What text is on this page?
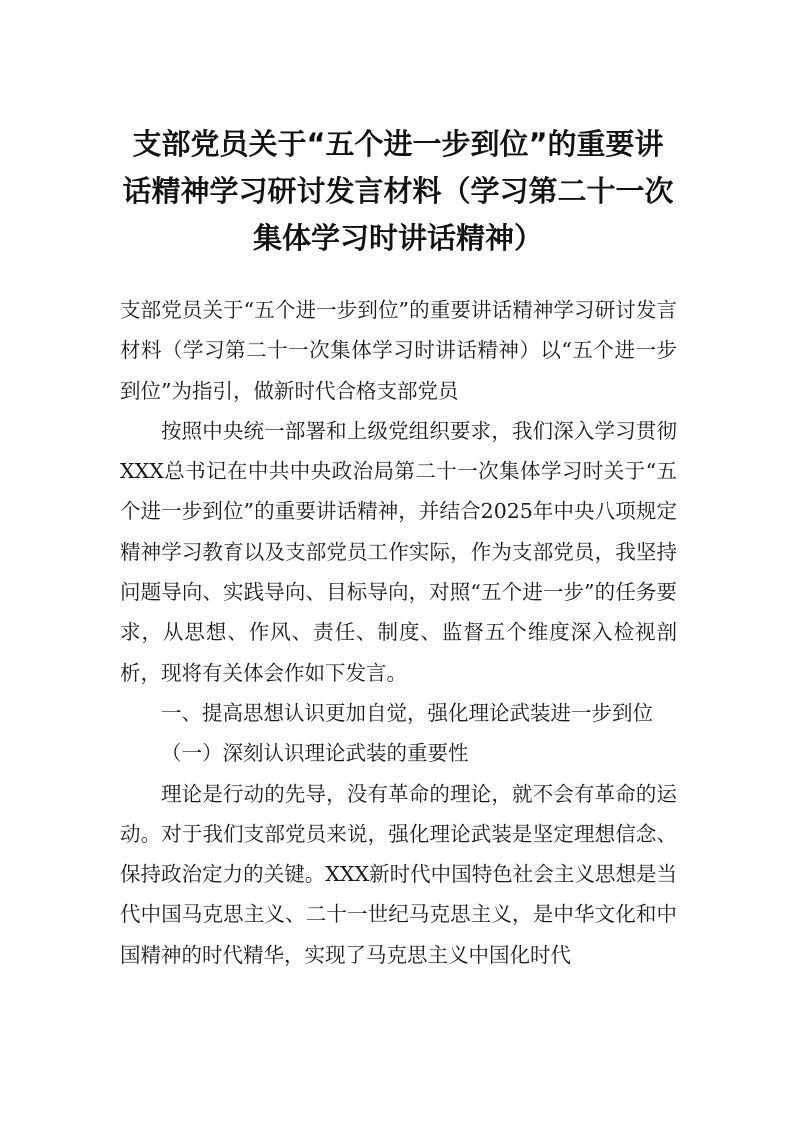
支部党员关于“五个进一步到位”的重要讲话精神学习研讨发言材料（学习第二十一次集体学习时讲话精神）

支部党员关于“五个进一步到位”的重要讲话精神学习研讨发言材料（学习第二十一次集体学习时讲话精神）以“五个进一步到位”为指引，做新时代合格支部党员

按照中央统一部署和上级党组织要求，我们深入学习贯彻XXX总书记在中共中央政治局第二十一次集体学习时关于“五个进一步到位”的重要讲话精神，并结合2025年中央八项规定精神学习教育以及支部党员工作实际，作为支部党员，我坚持问题导向、实践导向、目标导向，对照“五个进一步”的任务要求，从思想、作风、责任、制度、监督五个维度深入检视剖析，现将有关体会作如下发言。

一、提高思想认识更加自觉，强化理论武装进一步到位

（一）深刻认识理论武装的重要性

理论是行动的先导，没有革命的理论，就不会有革命的运动。对于我们支部党员来说，强化理论武装是坚定理想信念、保持政治定力的关键。XXX新时代中国特色社会主义思想是当代中国马克思主义、二十一世纪马克思主义，是中华文化和中国精神的时代精华，实现了马克思主义中国化时代
